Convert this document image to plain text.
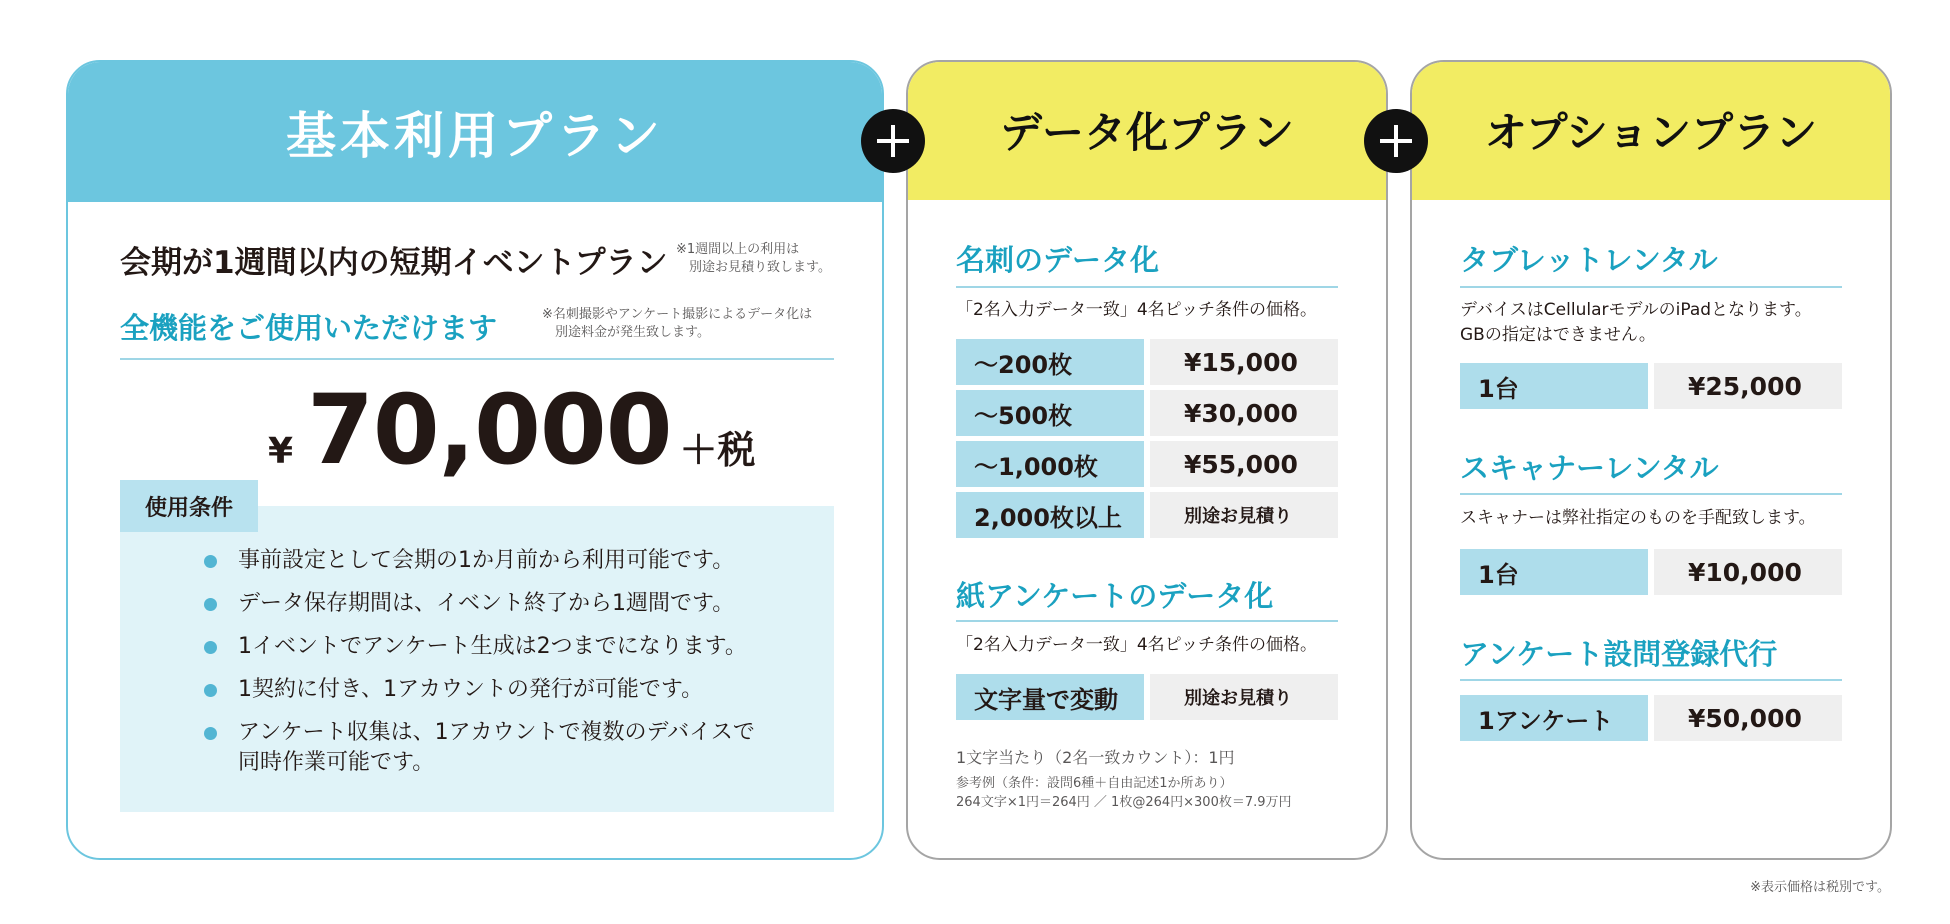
基本利用プラン
会期が1週間以内の短期イベントプラン ※1週間以上の利用は
　別途お見積り致します。
全機能をご使用いただけます	※名刺撮影やアンケート撮影によるデータ化は
　別途料金が発生致します。
¥ 70,000 ＋税
事前設定として会期の1か月前から利用可能です。
データ保存期間は、イベント終了から1週間です。
1イベントでアンケート生成は2つまでになります。
1契約に付き、1アカウントの発行が可能です。
アンケート収集は、1アカウントで複数のデバイスで
同時作業可能です。
使用条件
データ化プラン
名刺のデータ化
「2名入力データ一致」4名ピッチ条件の価格。
〜200枚	¥15,000
〜500枚	¥30,000
〜1,000枚	¥55,000
2,000枚以上	別途お見積り
紙アンケートのデータ化
「2名入力データ一致」4名ピッチ条件の価格。
文字量で変動	別途お見積り
1文字当たり（2名一致カウント）：1円
参考例（条件：設問6種＋自由記述1か所あり）
264文字×1円＝264円 ／ 1枚@264円×300枚＝7.9万円
オプションプラン
タブレットレンタル
デバイスはCellularモデルのiPadとなります。
GBの指定はできません。
1台	¥25,000
スキャナーレンタル
スキャナーは弊社指定のものを手配致します。
1台	¥10,000
アンケート設問登録代行
1アンケート	¥50,000
※表示価格は税別です。
